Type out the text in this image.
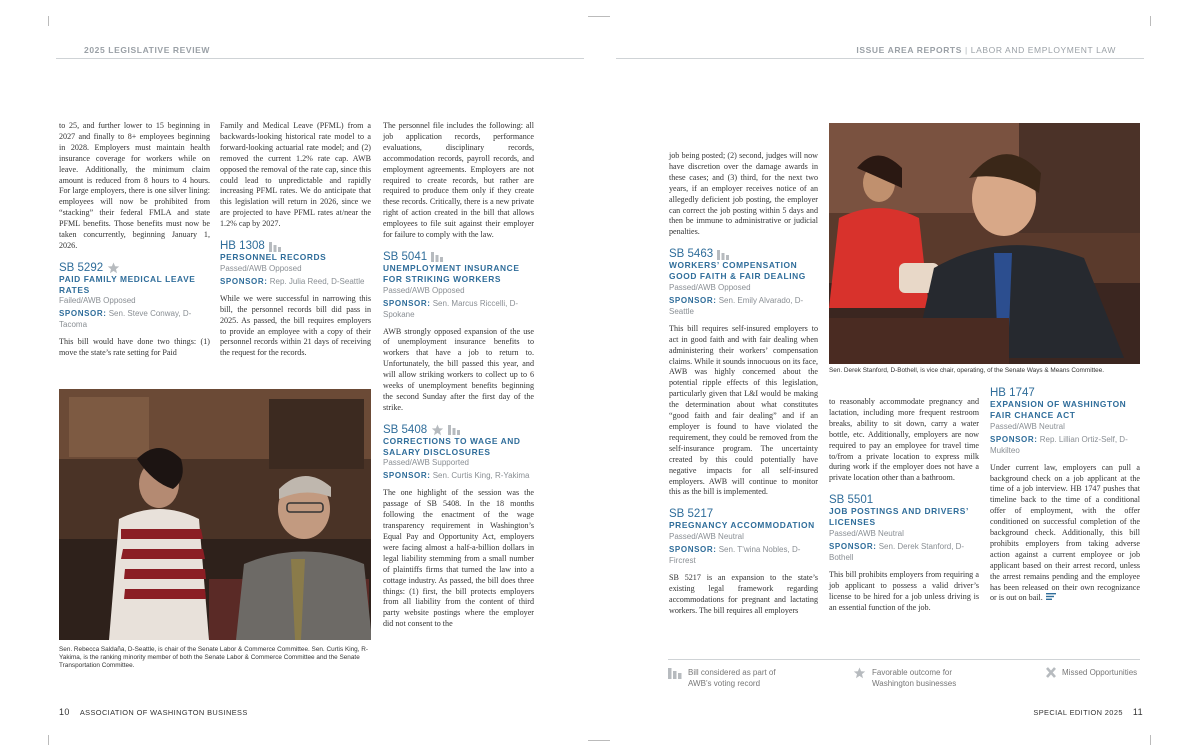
2025 LEGISLATIVE REVIEW	ISSUE AREA REPORTS | LABOR AND EMPLOYMENT LAW

to 25, and further lower to 15 beginning in 2027 and finally to 8+ employees beginning in 2028. Employers must maintain health insurance coverage for workers while on leave. Additionally, the minimum claim amount is reduced from 8 hours to 4 hours. For large employers, there is one silver lining: employees will now be prohibited from “stacking” their federal FMLA and state PFML benefits. Those benefits must now be taken concurrently, beginning January 1, 2026.

SB 5292
PAID FAMILY MEDICAL LEAVE RATES
Failed/AWB Opposed
SPONSOR: Sen. Steve Conway, D-Tacoma

This bill would have done two things: (1) move the state’s rate setting for Paid

Family and Medical Leave (PFML) from a backwards-looking historical rate model to a forward-looking actuarial rate model; and (2) removed the current 1.2% rate cap. AWB opposed the removal of the rate cap, since this could lead to unpredictable and rapidly increasing PFML rates. We do anticipate that this legislation will return in 2026, since we are projected to have PFML rates at/near the 1.2% cap by 2027.

HB 1308
PERSONNEL RECORDS
Passed/AWB Opposed
SPONSOR: Rep. Julia Reed, D-Seattle

While we were successful in narrowing this bill, the personnel records bill did pass in 2025. As passed, the bill requires employers to provide an employee with a copy of their personnel records within 21 days of receiving the request for the records.

Sen. Rebecca Saldaña, D-Seattle, is chair of the Senate Labor & Commerce Committee. Sen. Curtis King, R-Yakima, is the ranking minority member of both the Senate Labor & Commerce Committee and the Senate Transportation Committee.

The personnel file includes the following: all job application records, performance evaluations, disciplinary records, accommodation records, payroll records, and employment agreements. Employers are not required to create records, but rather are required to produce them only if they create these records. Critically, there is a new private right of action created in the bill that allows employees to file suit against their employer for failure to comply with the law.

SB 5041
UNEMPLOYMENT INSURANCE FOR STRIKING WORKERS
Passed/AWB Opposed
SPONSOR: Sen. Marcus Riccelli, D-Spokane

AWB strongly opposed expansion of the use of unemployment insurance benefits to workers that have a job to return to. Unfortunately, the bill passed this year, and will allow striking workers to collect up to 6 weeks of unemployment benefits beginning the second Sunday after the first day of the strike.

SB 5408
CORRECTIONS TO WAGE AND SALARY DISCLOSURES
Passed/AWB Supported
SPONSOR: Sen. Curtis King, R-Yakima

The one highlight of the session was the passage of SB 5408. In the 18 months following the enactment of the wage transparency requirement in Washington’s Equal Pay and Opportunity Act, employers were facing almost a half-a-billion dollars in legal liability stemming from a small number of plaintiffs firms that turned the law into a cottage industry. As passed, the bill does three things: (1) first, the bill protects employers from all liability from the content of third party website postings where the employer did not consent to the

job being posted; (2) second, judges will now have discretion over the damage awards in these cases; and (3) third, for the next two years, if an employer receives notice of an allegedly deficient job posting, the employer can correct the job posting within 5 days and then be immune to administrative or judicial penalties.

SB 5463
WORKERS’ COMPENSATION GOOD FAITH & FAIR DEALING
Passed/AWB Opposed
SPONSOR: Sen. Emily Alvarado, D-Seattle

This bill requires self-insured employers to act in good faith and with fair dealing when administering their workers’ compensation claims. While it sounds innocuous on its face, AWB was highly concerned about the potential ripple effects of this legislation, particularly given that L&I would be making the determination about what constitutes “good faith and fair dealing” and if an employer is found to have violated the requirement, they could be removed from the self-insurance program. The uncertainty created by this could potentially have negative impacts for all self-insured employers. AWB will continue to monitor this as the bill is implemented.

SB 5217
PREGNANCY ACCOMMODATION
Passed/AWB Neutral
SPONSOR: Sen. T’wina Nobles, D-Fircrest

SB 5217 is an expansion to the state’s existing legal framework regarding accommodations for pregnant and lactating workers. The bill requires all employers

Sen. Derek Stanford, D-Bothell, is vice chair, operating, of the Senate Ways & Means Committee.

to reasonably accommodate pregnancy and lactation, including more frequent restroom breaks, ability to sit down, carry a water bottle, etc. Additionally, employers are now required to pay an employee for travel time to/from a private location to express milk during work if the employer does not have a private location other than a bathroom.

SB 5501
JOB POSTINGS AND DRIVERS’ LICENSES
Passed/AWB Neutral
SPONSOR: Sen. Derek Stanford, D-Bothell

This bill prohibits employers from requiring a job applicant to possess a valid driver’s license to be hired for a job unless driving is an essential function of the job.

HB 1747
EXPANSION OF WASHINGTON FAIR CHANCE ACT
Passed/AWB Neutral
SPONSOR: Rep. Lillian Ortiz-Self, D-Mukilteo

Under current law, employers can pull a background check on a job applicant at the time of a job interview. HB 1747 pushes that timeline back to the time of a conditional offer of employment, with the offer conditioned on successful completion of the background check. Additionally, this bill prohibits employers from taking adverse action against a current employee or job applicant based on their arrest record, unless the arrest remains pending and the employee has been released on their own recognizance or is out on bail.

Bill considered as part of AWB’s voting record
Favorable outcome for Washington businesses
Missed Opportunities
10 ASSOCIATION OF WASHINGTON BUSINESS	SPECIAL EDITION 2025 11
